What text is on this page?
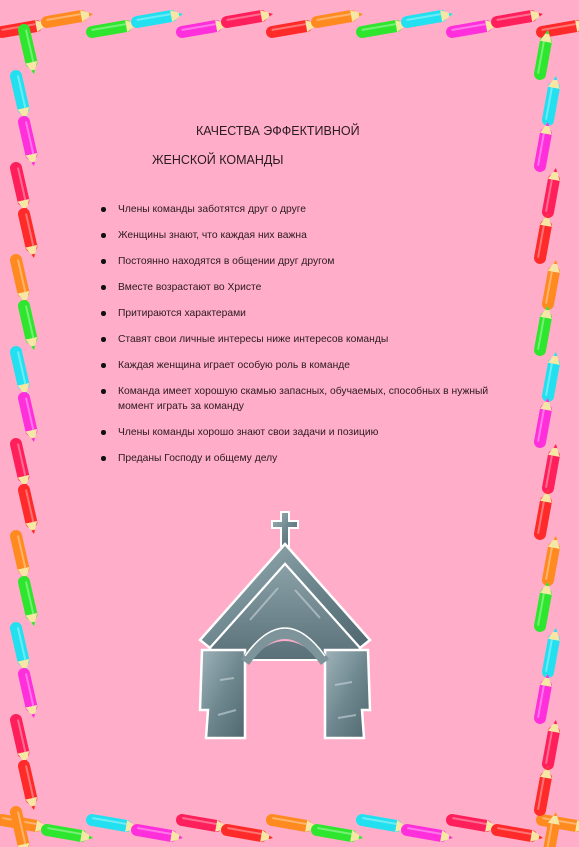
КАЧЕСТВА ЭФФЕКТИВНОЙ
ЖЕНСКОЙ КОМАНДЫ
Члены команды заботятся друг о друге
Женщины знают, что каждая них важна
Постоянно находятся в общении друг другом
Вместе возрастают во Христе
Притираются характерами
Ставят свои личные интересы ниже интересов команды
Каждая женщина играет особую роль в команде
Команда имеет хорошую скамью запасных, обучаемых, способных в нужный момент играть за команду
Члены команды хорошо знают свои задачи и позицию
Преданы Господу и общему делу
